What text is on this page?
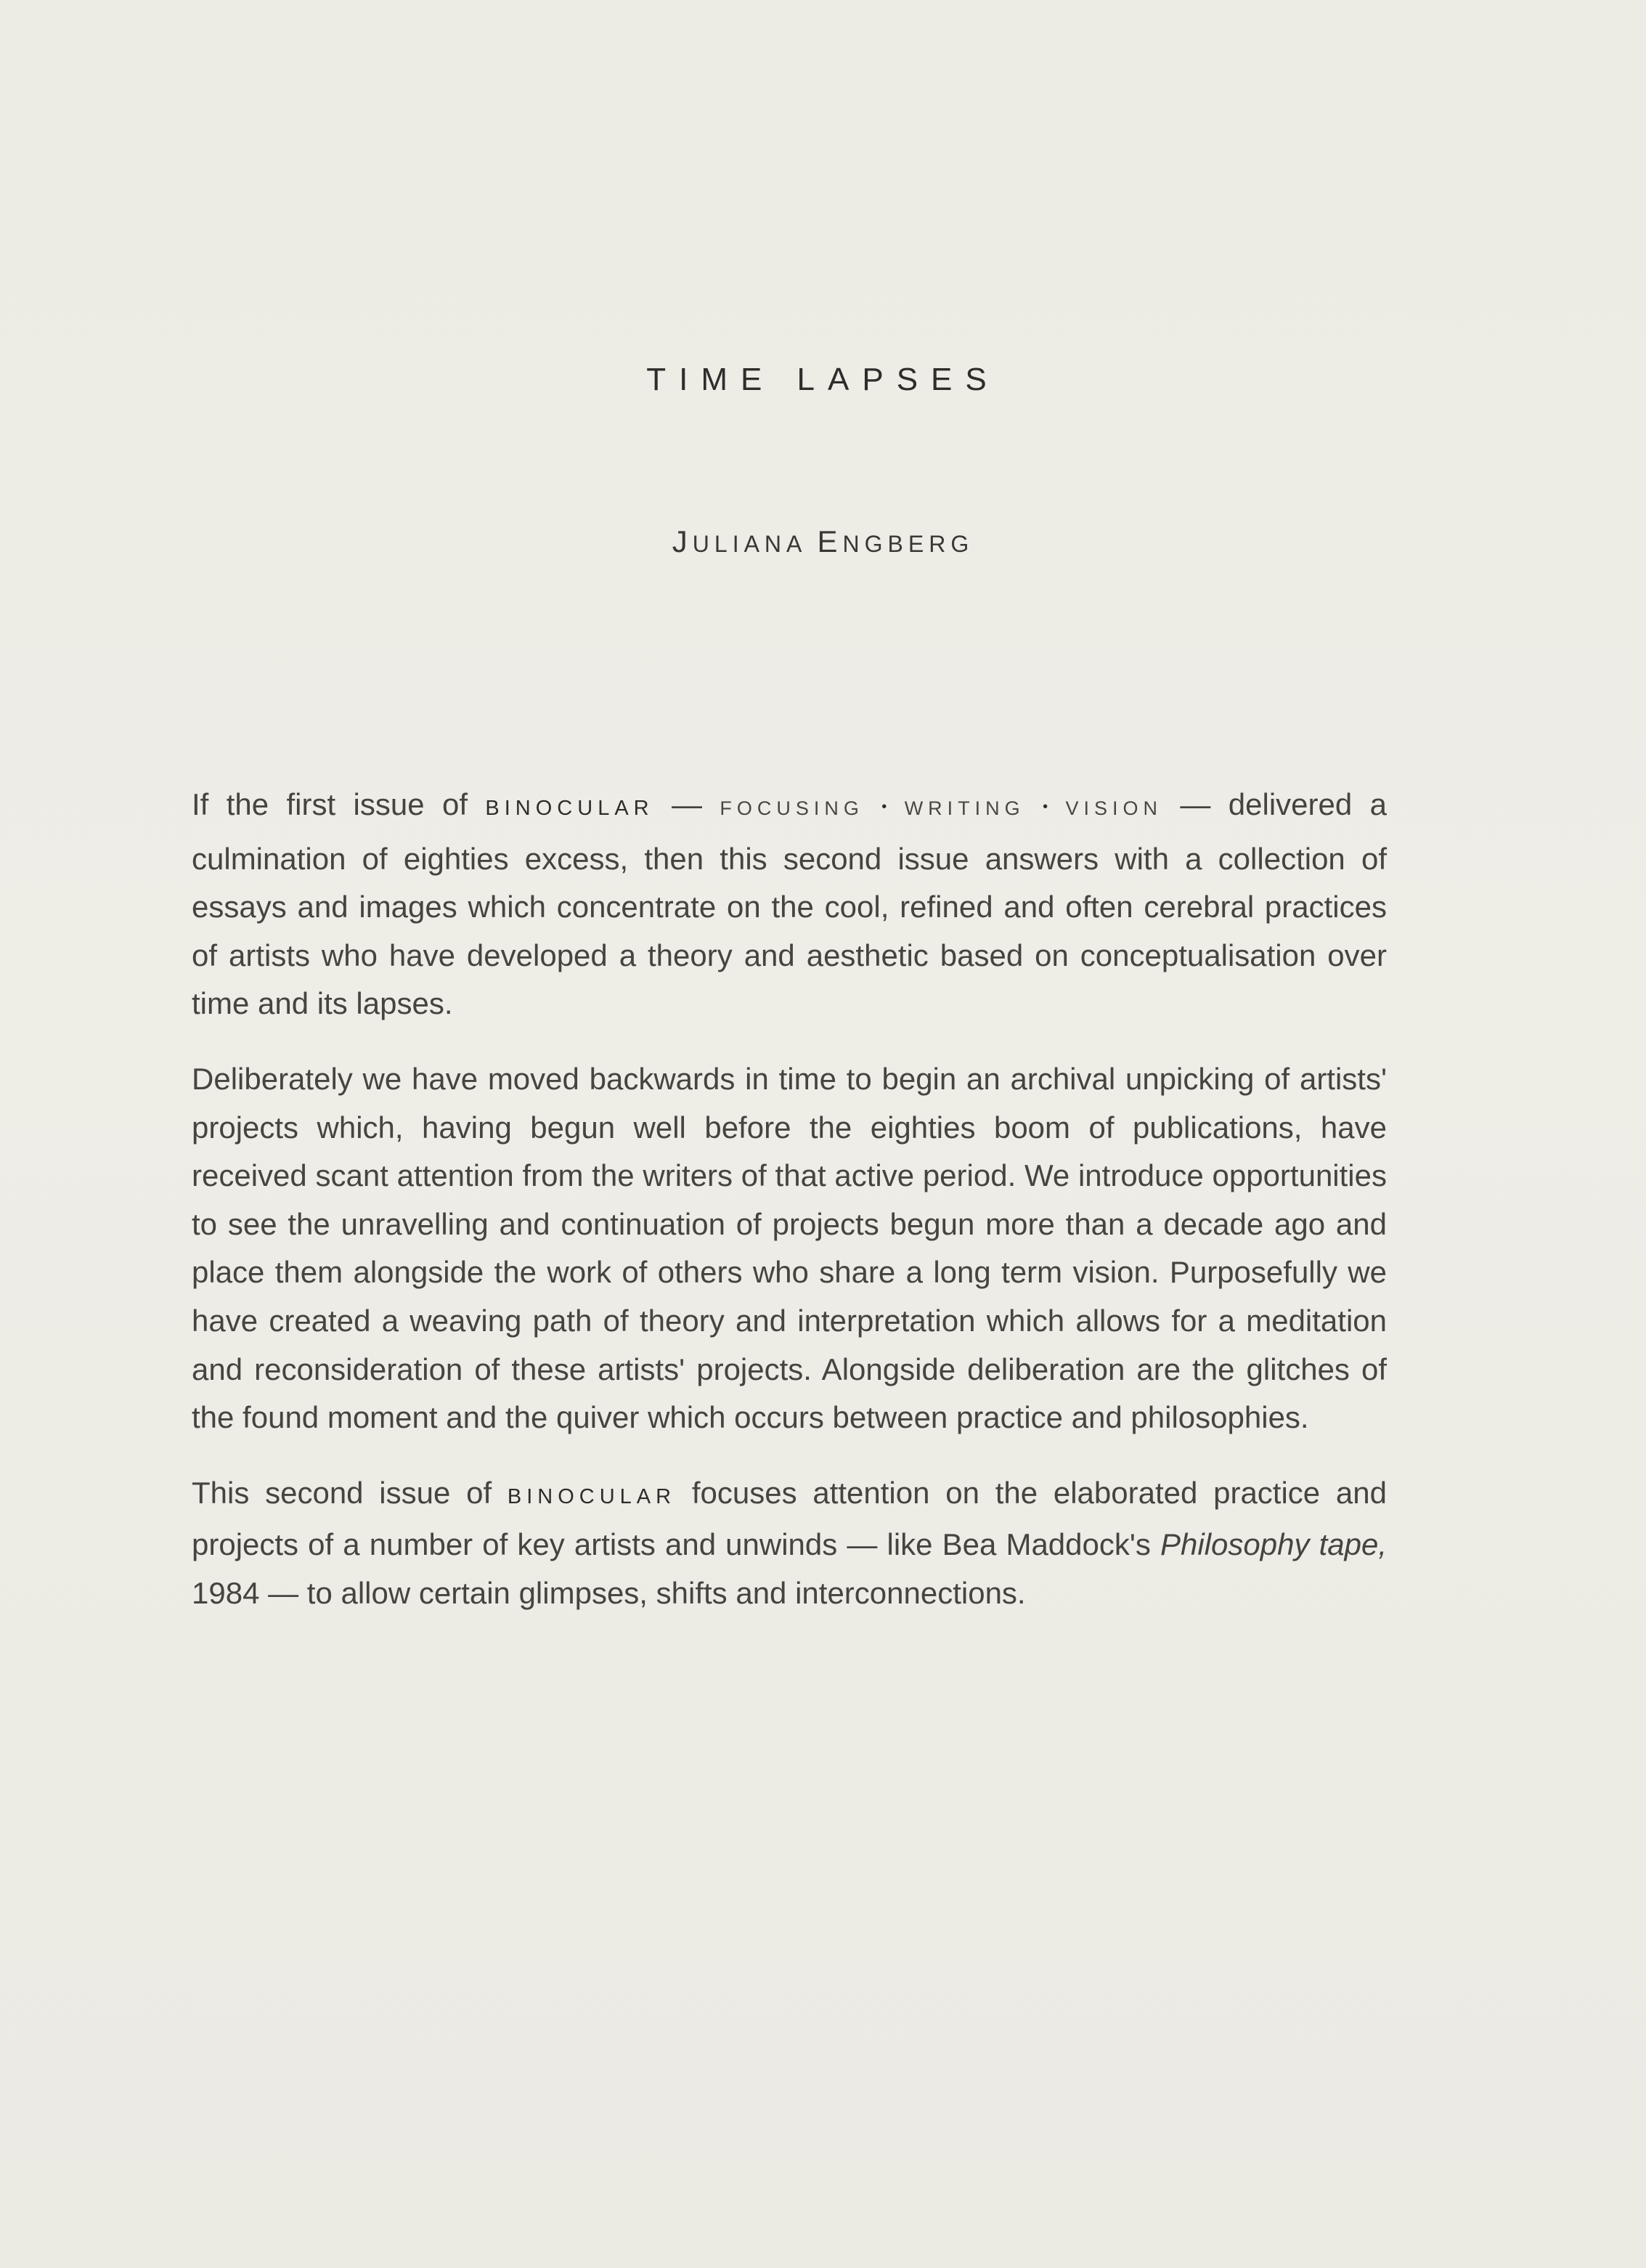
TIME LAPSES
JULIANA ENGBERG

If the first issue of BINOCULAR — FOCUSING • WRITING • VISION — delivered a culmination of eighties excess, then this second issue answers with a collection of essays and images which concentrate on the cool, refined and often cerebral practices of artists who have developed a theory and aesthetic based on conceptualisation over time and its lapses.

Deliberately we have moved backwards in time to begin an archival unpicking of artists' projects which, having begun well before the eighties boom of publications, have received scant attention from the writers of that active period. We introduce opportunities to see the unravelling and continuation of projects begun more than a decade ago and place them alongside the work of others who share a long term vision. Purposefully we have created a weaving path of theory and interpretation which allows for a meditation and reconsideration of these artists' projects. Alongside deliberation are the glitches of the found moment and the quiver which occurs between practice and philosophies.

This second issue of BINOCULAR focuses attention on the elaborated practice and projects of a number of key artists and unwinds — like Bea Maddock's Philosophy tape, 1984 — to allow certain glimpses, shifts and interconnections.
